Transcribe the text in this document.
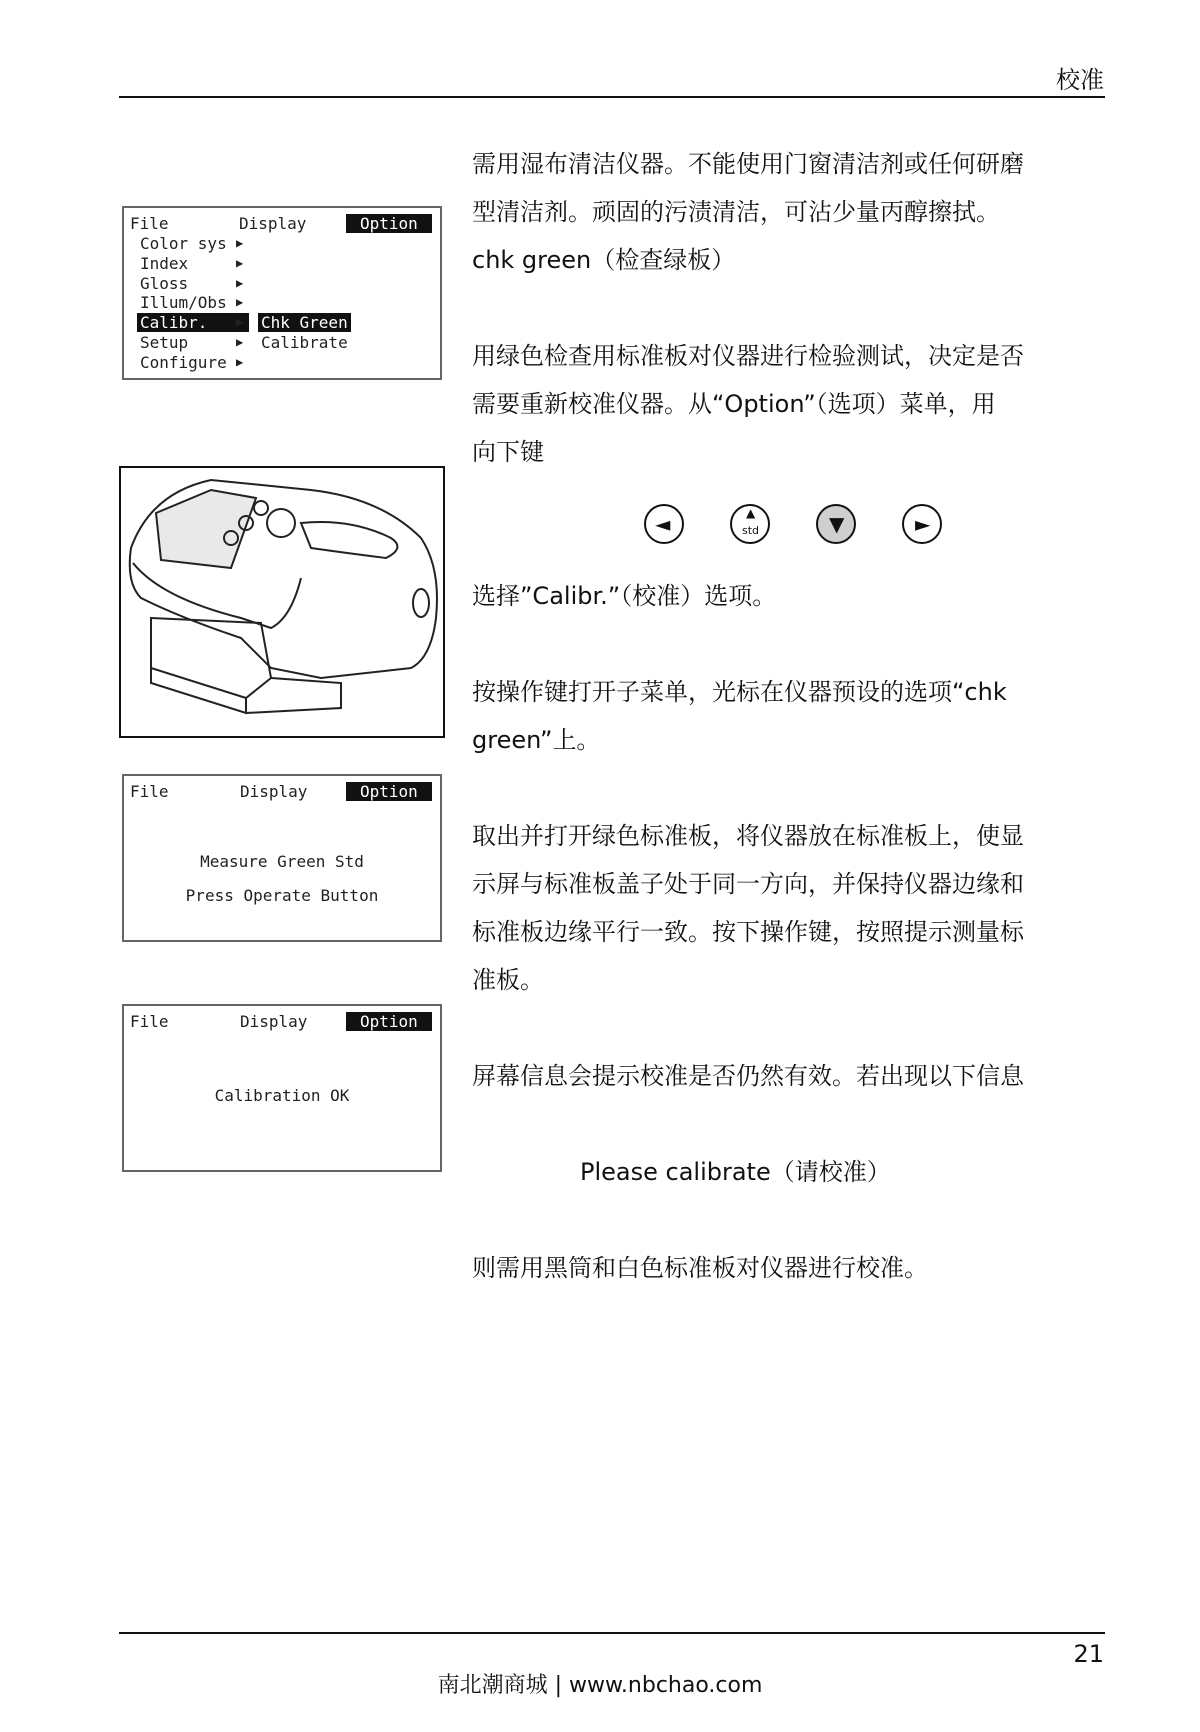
校准
File	Display	Option
Color sys
Index
Gloss
Illum/Obs
Calibr.
Setup
Configure
▶
▶
▶
▶
▶
▶
▶
Chk Green
Calibrate
File	Display	Option
Measure Green Std
Press Operate Button
File	Display	Option
Calibration OK
需用湿布清洁仪器。不能使用门窗清洁剂或任何研磨
型清洁剂。顽固的污渍清洁，可沾少量丙醇擦拭。
chk green（检查绿板）
用绿色检查用标准板对仪器进行检验测试，决定是否
需要重新校准仪器。从“Option”（选项）菜单，用
向下键
◄	▲
std	▼	►
选择”Calibr.”（校准）选项。
按操作键打开子菜单，光标在仪器预设的选项“chk
green”上。
取出并打开绿色标准板，将仪器放在标准板上，使显
示屏与标准板盖子处于同一方向，并保持仪器边缘和
标准板边缘平行一致。按下操作键，按照提示测量标
准板。
屏幕信息会提示校准是否仍然有效。若出现以下信息
Please calibrate（请校准）
则需用黑筒和白色标准板对仪器进行校准。
21
南北潮商城 | www.nbchao.com
